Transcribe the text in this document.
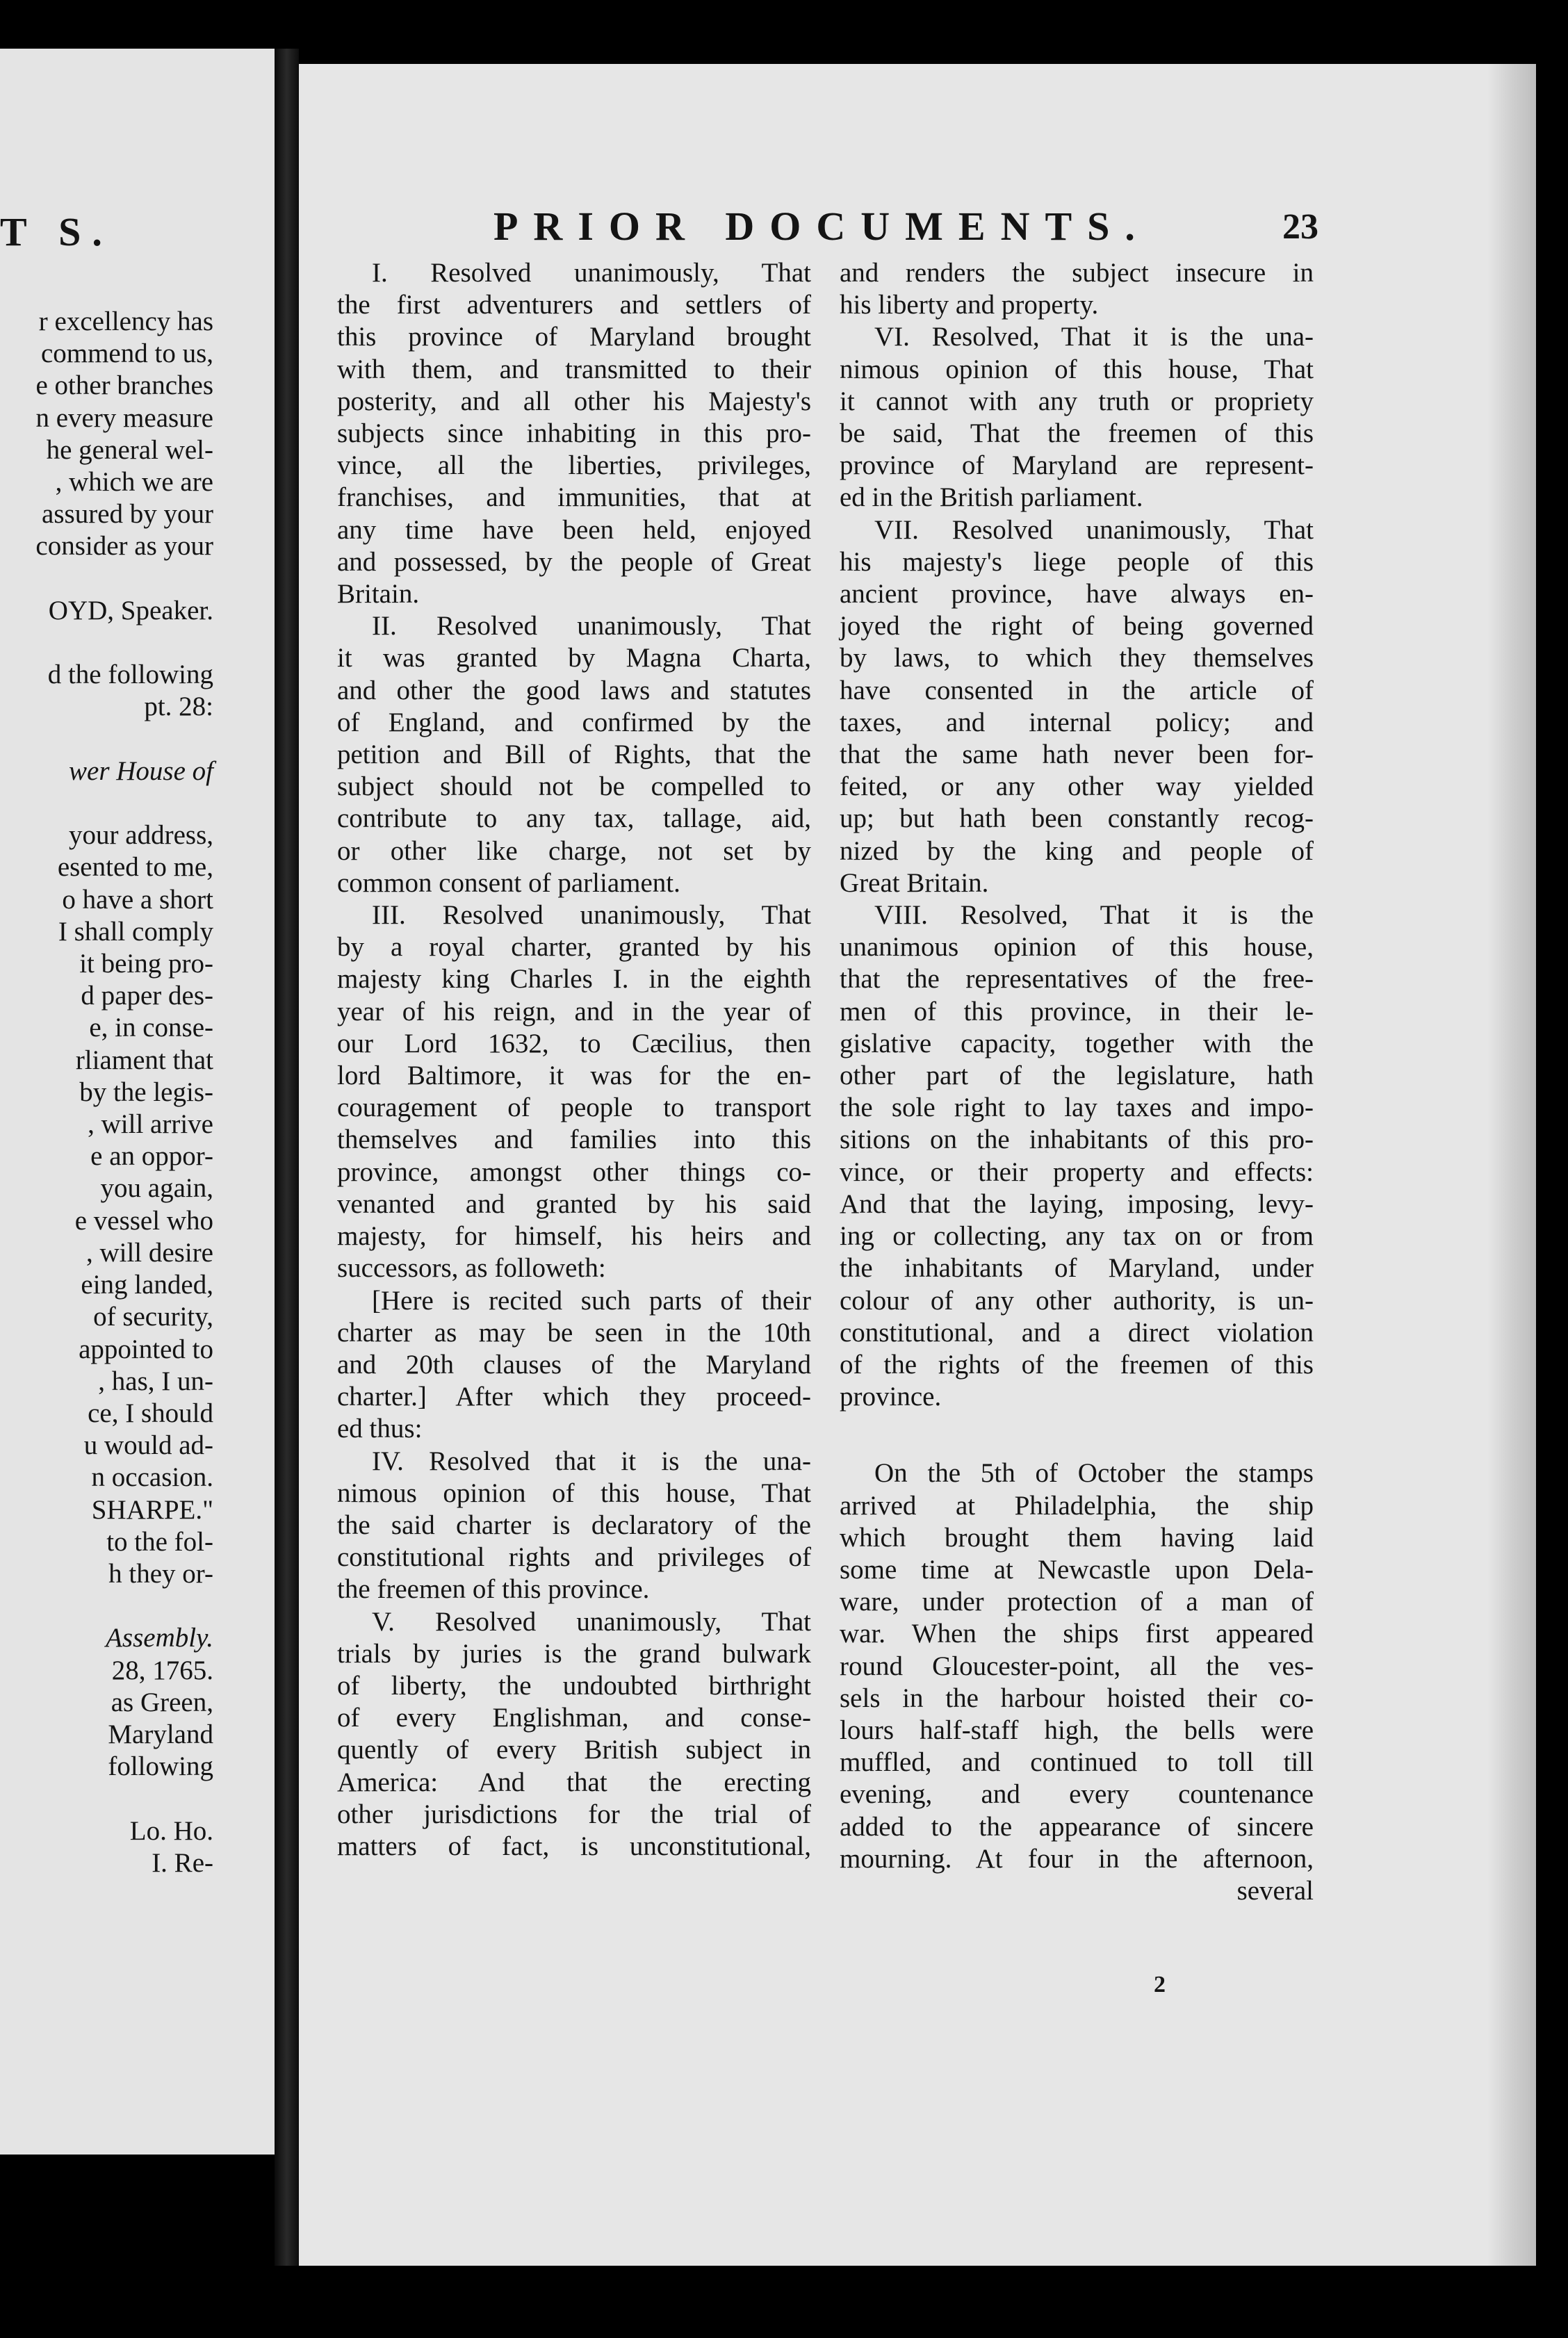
T S.
r excellency has
commend to us,
e other branches
n every measure
he general wel-
, which we are
assured by your
consider as your

OYD, Speaker.

d the following
pt. 28:

wer House of

your address,
esented to me,
o have a short
I shall comply
it being pro-
d paper des-
e, in conse-
rliament that
by the legis-
, will arrive
e an oppor-
you again,
e vessel who
, will desire
eing landed,
of security,
appointed to
, has, I un-
ce, I should
u would ad-
n occasion.
SHARPE."
to the fol-
h they or-

Assembly.
28, 1765.
as Green,
Maryland
following

Lo. Ho.
I. Re-
PRIOR DOCUMENTS.	23
I. Resolved unanimously, That
the first adventurers and settlers of
this province of Maryland brought
with them, and transmitted to their
posterity, and all other his Majesty's
subjects since inhabiting in this pro-
vince, all the liberties, privileges,
franchises, and immunities, that at
any time have been held, enjoyed
and possessed, by the people of Great
Britain.
II. Resolved unanimously, That
it was granted by Magna Charta,
and other the good laws and statutes
of England, and confirmed by the
petition and Bill of Rights, that the
subject should not be compelled to
contribute to any tax, tallage, aid,
or other like charge, not set by
common consent of parliament.
III. Resolved unanimously, That
by a royal charter, granted by his
majesty king Charles I. in the eighth
year of his reign, and in the year of
our Lord 1632, to Cæcilius, then
lord Baltimore, it was for the en-
couragement of people to transport
themselves and families into this
province, amongst other things co-
venanted and granted by his said
majesty, for himself, his heirs and
successors, as followeth:
[Here is recited such parts of their
charter as may be seen in the 10th
and 20th clauses of the Maryland
charter.] After which they proceed-
ed thus:
IV. Resolved that it is the una-
nimous opinion of this house, That
the said charter is declaratory of the
constitutional rights and privileges of
the freemen of this province.
V. Resolved unanimously, That
trials by juries is the grand bulwark
of liberty, the undoubted birthright
of every Englishman, and conse-
quently of every British subject in
America: And that the erecting
other jurisdictions for the trial of
matters of fact, is unconstitutional,
and renders the subject insecure in
his liberty and property.
VI. Resolved, That it is the una-
nimous opinion of this house, That
it cannot with any truth or propriety
be said, That the freemen of this
province of Maryland are represent-
ed in the British parliament.
VII. Resolved unanimously, That
his majesty's liege people of this
ancient province, have always en-
joyed the right of being governed
by laws, to which they themselves
have consented in the article of
taxes, and internal policy; and
that the same hath never been for-
feited, or any other way yielded
up; but hath been constantly recog-
nized by the king and people of
Great Britain.
VIII. Resolved, That it is the
unanimous opinion of this house,
that the representatives of the free-
men of this province, in their le-
gislative capacity, together with the
other part of the legislature, hath
the sole right to lay taxes and impo-
sitions on the inhabitants of this pro-
vince, or their property and effects:
And that the laying, imposing, levy-
ing or collecting, any tax on or from
the inhabitants of Maryland, under
colour of any other authority, is un-
constitutional, and a direct violation
of the rights of the freemen of this
province.
On the 5th of October the stamps
arrived at Philadelphia, the ship
which brought them having laid
some time at Newcastle upon Dela-
ware, under protection of a man of
war. When the ships first appeared
round Gloucester-point, all the ves-
sels in the harbour hoisted their co-
lours half-staff high, the bells were
muffled, and continued to toll till
evening, and every countenance
added to the appearance of sincere
mourning. At four in the afternoon,
several
2
